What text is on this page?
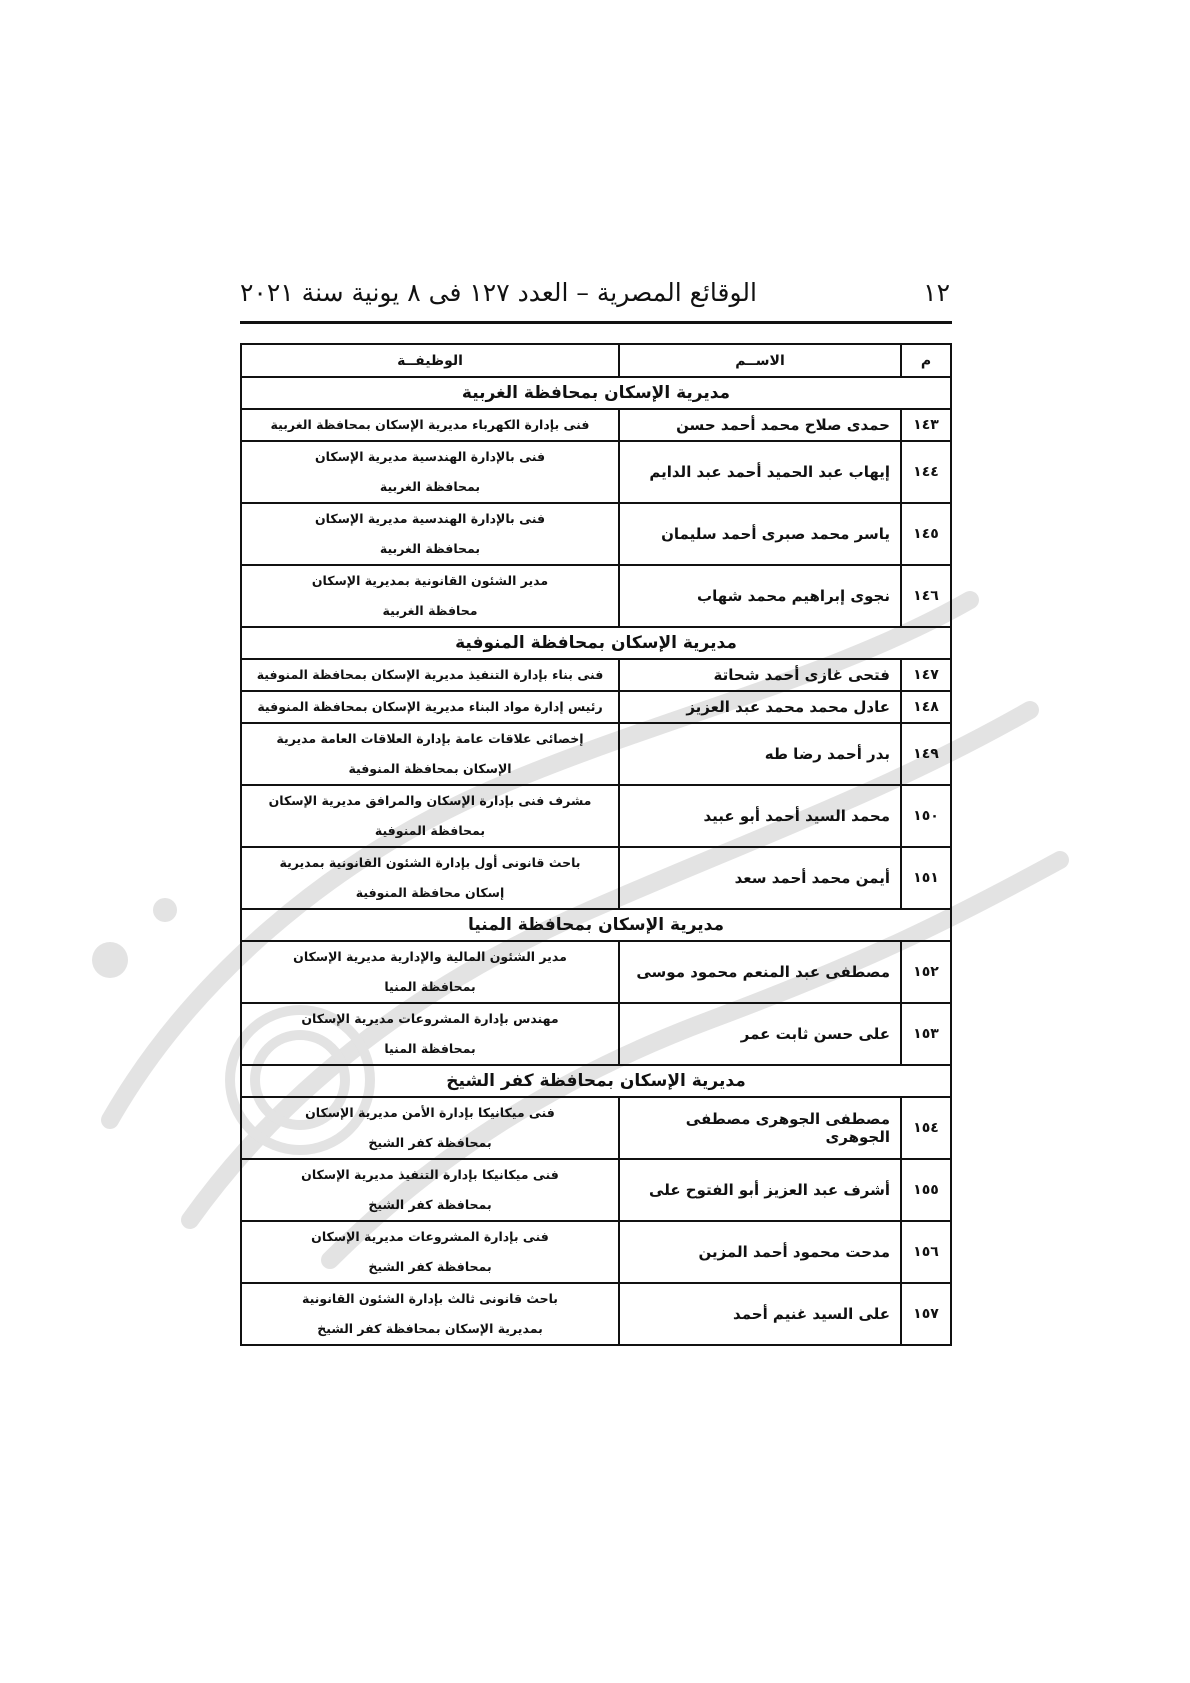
١٢
الوقائع المصرية – العدد ١٢٧ فى ٨ يونية سنة ٢٠٢١
م	الاســم	الوظيفــة
مديرية الإسكان بمحافظة الغربية		
١٤٣	حمدى صلاح محمد أحمد حسن	فنى بإدارة الكهرباء مديرية الإسكان بمحافظة الغربية

١٤٤	إيهاب عبد الحميد أحمد عبد الدايم	فنى بالإدارة الهندسية مديرية الإسكان
بمحافظة الغربية

١٤٥	ياسر محمد صبرى أحمد سليمان	فنى بالإدارة الهندسية مديرية الإسكان
بمحافظة الغربية

١٤٦	نجوى إبراهيم محمد شهاب	مدير الشئون القانونية بمديرية الإسكان
محافظة الغربية

مديرية الإسكان بمحافظة المنوفية		
١٤٧	فتحى غازى أحمد شحاتة	فنى بناء بإدارة التنفيذ مديرية الإسكان بمحافظة المنوفية

١٤٨	عادل محمد محمد عبد العزيز	رئيس إدارة مواد البناء مديرية الإسكان بمحافظة المنوفية

١٤٩	بدر أحمد رضا طه	إخصائى علاقات عامة بإدارة العلاقات العامة مديرية
الإسكان بمحافظة المنوفية

١٥٠	محمد السيد أحمد أبو عبيد	مشرف فنى بإدارة الإسكان والمرافق مديرية الإسكان
بمحافظة المنوفية

١٥١	أيمن محمد أحمد سعد	باحث قانونى أول بإدارة الشئون القانونية بمديرية
إسكان محافظة المنوفية

مديرية الإسكان بمحافظة المنيا		
١٥٢	مصطفى عبد المنعم محمود موسى	مدير الشئون المالية والإدارية مديرية الإسكان
بمحافظة المنيا

١٥٣	على حسن ثابت عمر	مهندس بإدارة المشروعات مديرية الإسكان
بمحافظة المنيا

مديرية الإسكان بمحافظة كفر الشيخ		
١٥٤	مصطفى الجوهرى مصطفى الجوهرى	فنى ميكانيكا بإدارة الأمن مديرية الإسكان
بمحافظة كفر الشيخ

١٥٥	أشرف عبد العزيز أبو الفتوح على	فنى ميكانيكا بإدارة التنفيذ مديرية الإسكان
بمحافظة كفر الشيخ

١٥٦	مدحت محمود أحمد المزين	فنى بإدارة المشروعات مديرية الإسكان
بمحافظة كفر الشيخ

١٥٧	على السيد غنيم أحمد	باحث قانونى ثالث بإدارة الشئون القانونية
بمديرية الإسكان بمحافظة كفر الشيخ
